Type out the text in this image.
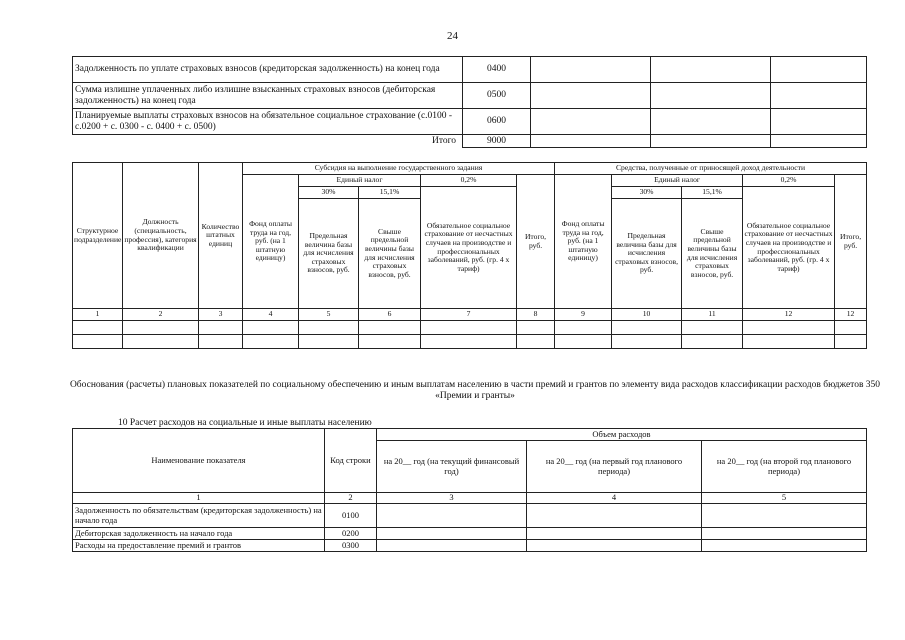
24
Задолженность по уплате страховых взносов (кредиторская задолженность) на конец года	0400			
Сумма излишне уплаченных либо излишне взысканных страховых взносов (дебиторская задолженность) на конец года	0500			
Планируемые выплаты страховых взносов на обязательное социальное страхование (с.0100 - с.0200 + с. 0300 - с. 0400 + с. 0500)	0600			
Итого	9000			
Структурное подразделение	Должность (специальность, профессия), категория квалификации	Количество штатных единиц	Субсидия на выполнение государственного задания					Средства, полученные от приносящей доход деятельности				
			Фонд оплаты труда на год, руб. (на 1 штатную единицу)	Единый налог		0,2%	Итого, руб.	Фонд оплаты труда на год, руб. (на 1 штатную единицу)	Единый налог		0,2%	Итого, руб.
				30%	15,1%	Обязательное социальное страхование от несчастных случаев на производстве и профессиональных заболеваний, руб. (гр. 4 х тариф)			30%	15,1%	Обязательное социальное страхование от несчастных случаев на производстве и профессиональных заболеваний, руб. (гр. 4 х тариф)	
				Предельная величина базы для исчисления страховых взносов, руб.	Свыше предельной величины базы для исчисления страховых взносов, руб.				Предельная величина базы для исчисления страховых взносов, руб.	Свыше предельной величины базы для исчисления страховых взносов, руб.		
1	2	3	4	5	6	7	8	9	10	11	12	12

Обоснования (расчеты) плановых показателей по социальному обеспечению и иным выплатам населению в части премий и грантов по элементу вида расходов классификации расходов бюджетов 350 «Премии и гранты»
10 Расчет расходов на социальные и иные выплаты населению
Наименование показателя	Код строки	Объем расходов		
		на 20__ год (на текущий финансовый год)	на 20__ год (на первый год планового периода)	на 20__ год (на второй год планового периода)
1	2	3	4	5
Задолженность по обязательствам (кредиторская задолженность) на начало года	0100			
Дебиторская задолженность на начало года	0200			
Расходы на предоставление премий и грантов	0300			
